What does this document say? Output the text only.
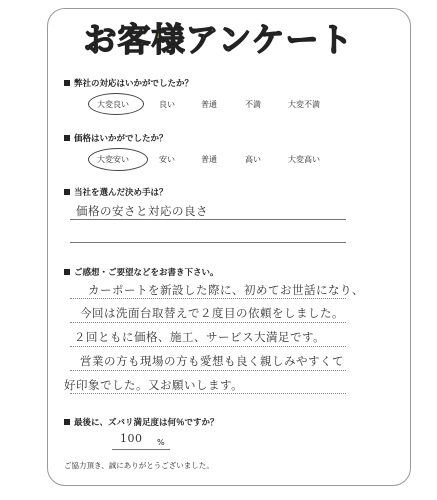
お客様アンケート
弊社の対応はいかがでしたか？
大変良い	良い	普通	不満	大変不満
価格はいかがでしたか？
大変安い	安い	普通	高い	大変高い
当社を選んだ決め手は？
価格の安さと対応の良さ
ご感想・ご要望などをお書き下さい。
カーポートを新設した際に、初めてお世話になり、
今回は洗面台取替えで２度目の依頼をしました。
２回ともに価格、施工、サービス大満足です。
営業の方も現場の方も愛想も良く親しみやすくて
好印象でした。又お願いします。
最後に、ズバリ満足度は何％ですか？
100 %
ご協力頂き、誠にありがとうございました。
